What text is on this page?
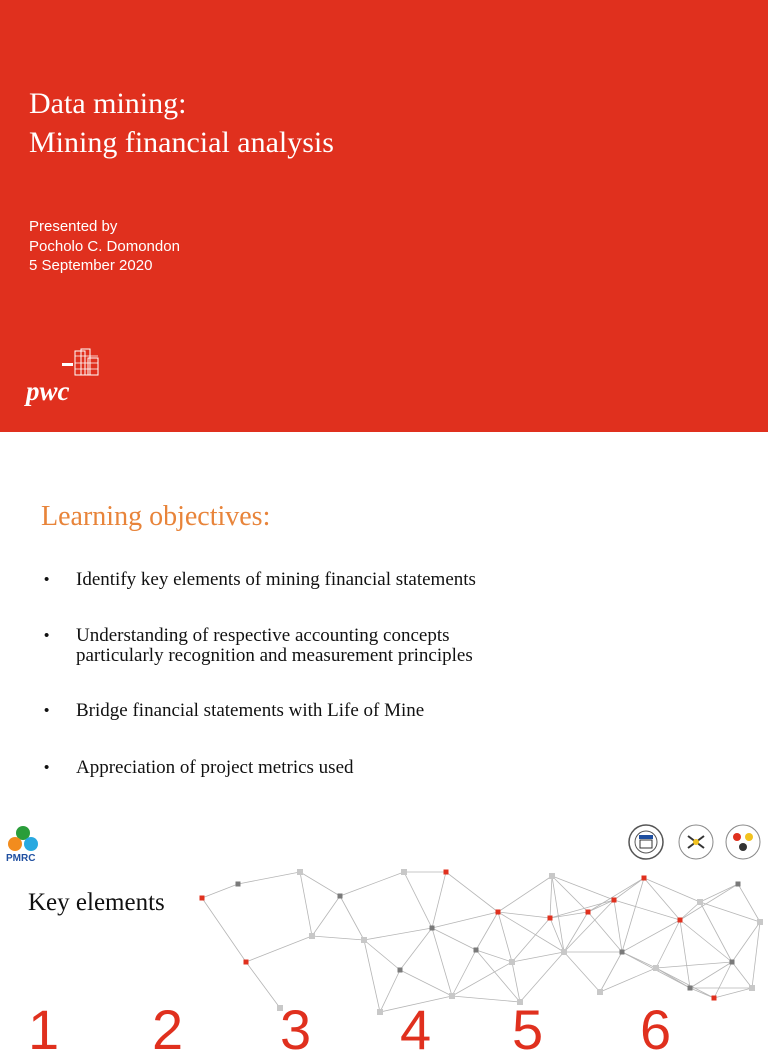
Data mining:
Mining financial analysis
Presented by
Pocholo C. Domondon
5 September 2020
pwc
Learning objectives:
• Identify key elements of mining financial statements
• Understanding of respective accounting concepts
particularly recognition and measurement principles
• Bridge financial statements with Life of Mine
• Appreciation of project metrics used
PMRC
Key elements
1 2 3 4 5 6
